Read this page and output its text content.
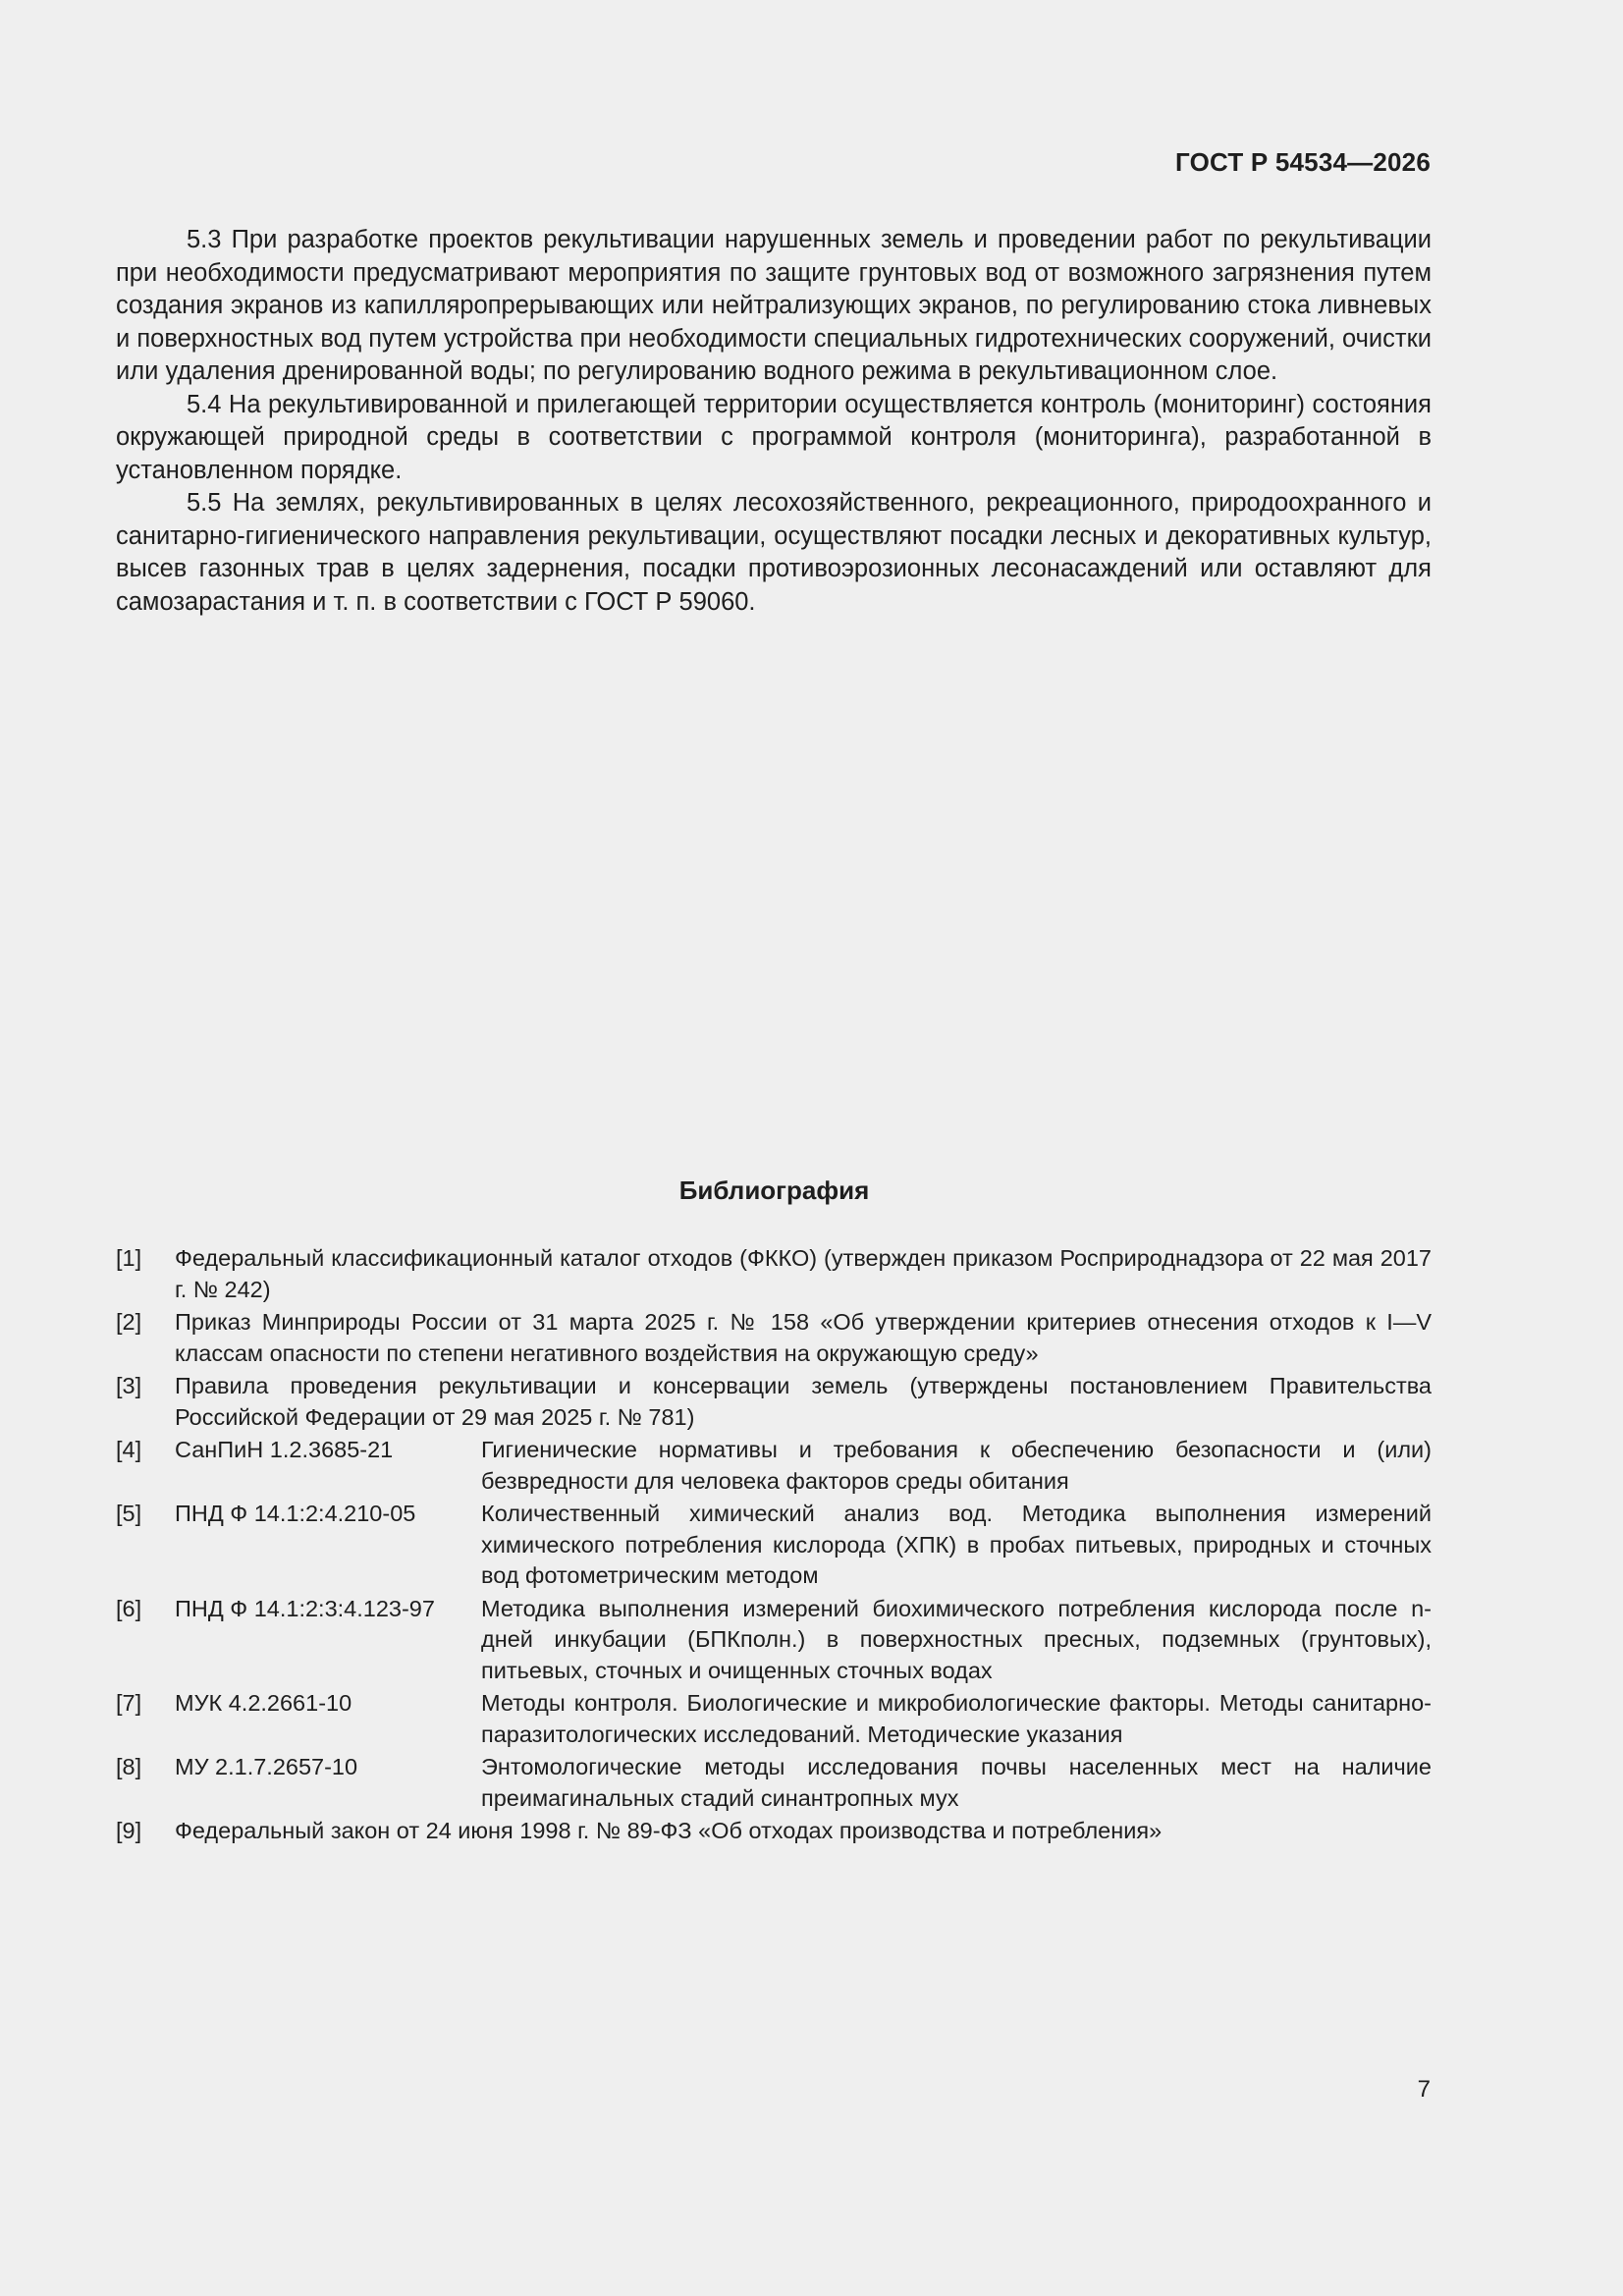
ГОСТ Р 54534—2026

5.3 При разработке проектов рекультивации нарушенных земель и проведении работ по рекультивации при необходимости предусматривают мероприятия по защите грунтовых вод от возможного загрязнения путем создания экранов из капилляропрерывающих или нейтрализующих экранов, по регулированию стока ливневых и поверхностных вод путем устройства при необходимости специальных гидротехнических сооружений, очистки или удаления дренированной воды; по регулированию водного режима в рекультивационном слое.

5.4 На рекультивированной и прилегающей территории осуществляется контроль (мониторинг) состояния окружающей природной среды в соответствии с программой контроля (мониторинга), разработанной в установленном порядке.

5.5 На землях, рекультивированных в целях лесохозяйственного, рекреационного, природоохранного и санитарно-гигиенического направления рекультивации, осуществляют посадки лесных и декоративных культур, высев газонных трав в целях задернения, посадки противоэрозионных лесонасаждений или оставляют для самозарастания и т. п. в соответствии с ГОСТ Р 59060.

Библиография
[1]	Федеральный классификационный каталог отходов (ФККО) (утвержден приказом Росприроднадзора от 22 мая 2017 г. № 242)
[2]	Приказ Минприроды России от 31 марта 2025 г. № 158 «Об утверждении критериев отнесения отходов к I—V классам опасности по степени негативного воздействия на окружающую среду»
[3]	Правила проведения рекультивации и консервации земель (утверждены постановлением Правительства Российской Федерации от 29 мая 2025 г. № 781)
[4]	СанПиН 1.2.3685-21	Гигиенические нормативы и требования к обеспечению безопасности и (или) безвредности для человека факторов среды обитания
[5]	ПНД Ф 14.1:2:4.210-05	Количественный химический анализ вод. Методика выполнения измерений химического потребления кислорода (ХПК) в пробах питьевых, природных и сточных вод фотометрическим методом
[6]	ПНД Ф 14.1:2:3:4.123-97	Методика выполнения измерений биохимического потребления кислорода после n-дней инкубации (БПКполн.) в поверхностных пресных, подземных (грунтовых), питьевых, сточных и очищенных сточных водах
[7]	МУК 4.2.2661-10	Методы контроля. Биологические и микробиологические факторы. Методы санитарно-паразитологических исследований. Методические указания
[8]	МУ 2.1.7.2657-10	Энтомологические методы исследования почвы населенных мест на наличие преимагинальных стадий синантропных мух
[9]	Федеральный закон от 24 июня 1998 г. № 89-ФЗ «Об отходах производства и потребления»
7
